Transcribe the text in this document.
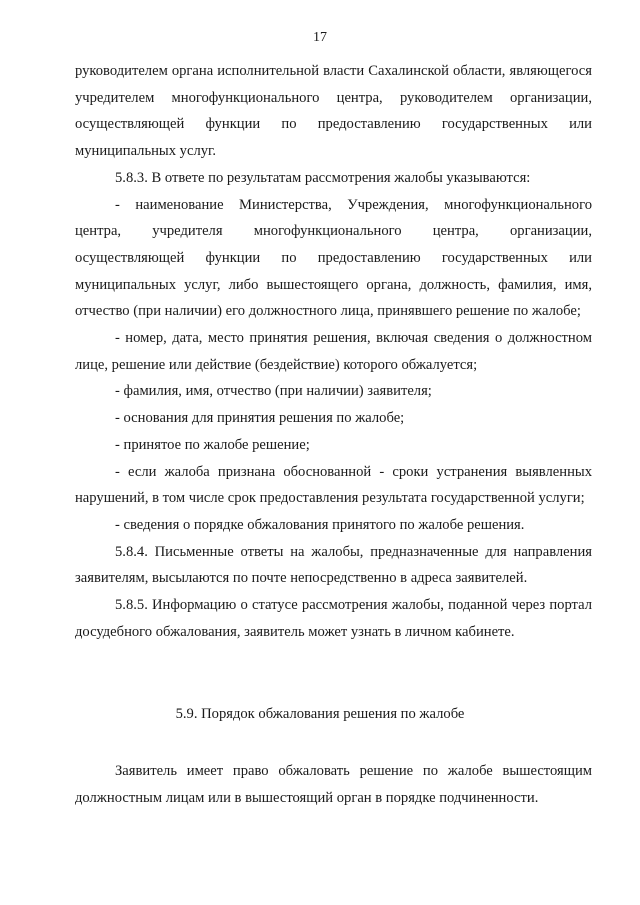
17

руководителем органа исполнительной власти Сахалинской области, являющегося учредителем многофункционального центра, руководителем организации, осуществляющей функции по предоставлению государственных или муниципальных услуг.

5.8.3. В ответе по результатам рассмотрения жалобы указываются:

- наименование Министерства, Учреждения, многофункционального центра, учредителя многофункционального центра, организации, осуществляющей функции по предоставлению государственных или муниципальных услуг, либо вышестоящего органа, должность, фамилия, имя, отчество (при наличии) его должностного лица, принявшего решение по жалобе;

- номер, дата, место принятия решения, включая сведения о должностном лице, решение или действие (бездействие) которого обжалуется;

- фамилия, имя, отчество (при наличии) заявителя;

- основания для принятия решения по жалобе;

- принятое по жалобе решение;

- если жалоба признана обоснованной - сроки устранения выявленных нарушений, в том числе срок предоставления результата государственной услуги;

- сведения о порядке обжалования принятого по жалобе решения.

5.8.4. Письменные ответы на жалобы, предназначенные для направления заявителям, высылаются по почте непосредственно в адреса заявителей.

5.8.5. Информацию о статусе рассмотрения жалобы, поданной через портал досудебного обжалования, заявитель может узнать в личном кабинете.

5.9. Порядок обжалования решения по жалобе

Заявитель имеет право обжаловать решение по жалобе вышестоящим должностным лицам или в вышестоящий орган в порядке подчиненности.
